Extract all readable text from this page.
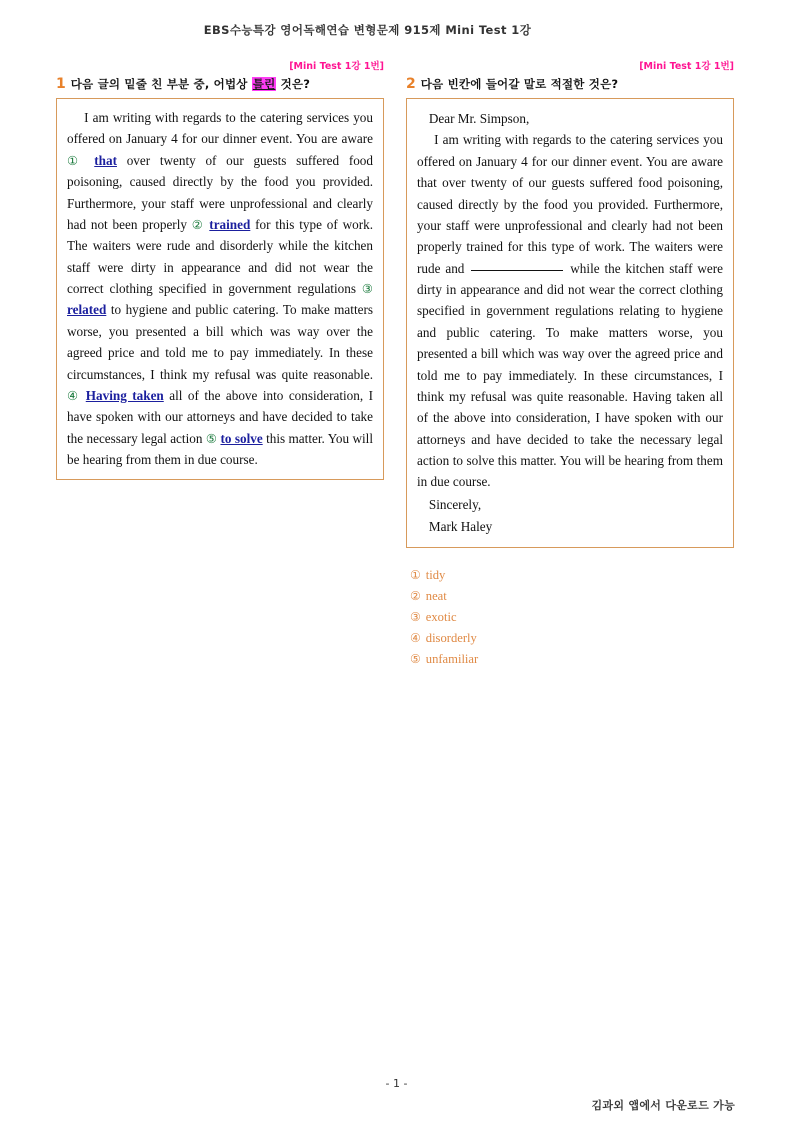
EBS수능특강 영어독해연습 변형문제 915제 Mini Test 1강
[Mini Test 1강 1번]
1 다음 글의 밑줄 친 부분 중, 어법상 틀린 것은?

I am writing with regards to the catering services you offered on January 4 for our dinner event. You are aware ① that over twenty of our guests suffered food poisoning, caused directly by the food you provided. Furthermore, your staff were unprofessional and clearly had not been properly ② trained for this type of work. The waiters were rude and disorderly while the kitchen staff were dirty in appearance and did not wear the correct clothing specified in government regulations ③ related to hygiene and public catering. To make matters worse, you presented a bill which was way over the agreed price and told me to pay immediately. In these circumstances, I think my refusal was quite reasonable. ④ Having taken all of the above into consideration, I have spoken with our attorneys and have decided to take the necessary legal action ⑤ to solve this matter. You will be hearing from them in due course.

[Mini Test 1강 1번]
2 다음 빈칸에 들어갈 말로 적절한 것은?

Dear Mr. Simpson,

I am writing with regards to the catering services you offered on January 4 for our dinner event. You are aware that over twenty of our guests suffered food poisoning, caused directly by the food you provided. Furthermore, your staff were unprofessional and clearly had not been properly trained for this type of work. The waiters were rude and	while the kitchen staff were dirty in appearance and did not wear the correct clothing specified in government regulations relating to hygiene and public catering. To make matters worse, you presented a bill which was way over the agreed price and told me to pay immediately. In these circumstances, I think my refusal was quite reasonable. Having taken all of the above into consideration, I have spoken with our attorneys and have decided to take the necessary legal action to solve this matter. You will be hearing from them in due course.

Sincerely,

Mark Haley

① tidy
② neat
③ exotic
④ disorderly
⑤ unfamiliar
- 1 -
김과외 앱에서 다운로드 가능
